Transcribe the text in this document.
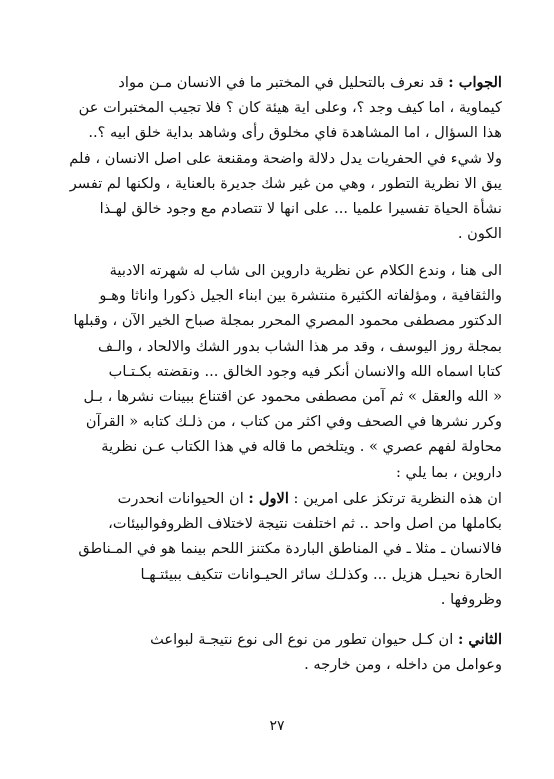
الجواب : قد نعرف بالتحليل في المختبر ما في الانسان مـن مواد
كيماوية ، اما كيف وجد ؟، وعلى اية هيئة كان ؟ فلا تجيب المختبرات عن
هذا السؤال ، اما المشاهدة فاي مخلوق رأى وشاهد بداية خلق ابيه ؟..
ولا شيء في الحفريات يدل دلالة واضحة ومقنعة على اصل الانسان ، فلم
يبق الا نظرية التطور ، وهي من غير شك جديرة بالعناية ، ولكنها لم تفسر
نشأة الحياة تفسيرا علميا ... على انها لا تتصادم مع وجود خالق لهـذا
الكون .
الى هنا ، وندع الكلام عن نظرية داروين الى شاب له شهرته الادبية
والثقافية ، ومؤلفاته الكثيرة منتشرة بين ابناء الجيل ذكورا واناثا وهـو
الدكتور مصطفى محمود المصري المحرر بمجلة صباح الخير الآن ، وقبلها
بمجلة روز اليوسف ، وقد مر هذا الشاب بدور الشك والالحاد ، والـف
كتابا اسماه الله والانسان أنكر فيه وجود الخالق ... ونقضته بكـتـاب
« الله والعقل » ثم آمن مصطفى محمود عن اقتناع ببينات نشرها ، بـل
وكرر نشرها في الصحف وفي اكثر من كتاب ، من ذلـك كتابه « القرآن
محاولة لفهم عصري » . ويتلخص ما قاله في هذا الكتاب عـن نظرية
داروين ، بما يلي :
ان هذه النظرية ترتكز على امرين : الاول : ان الحيوانات انحدرت
بكاملها من اصل واحد .. ثم اختلفت نتيجة لاختلاف الظروفوالبيئات،
فالانسان ـ مثلا ـ في المناطق الباردة مكتنز اللحم بينما هو في المـناطق
الحارة نحيـل هزيل ... وكذلـك سائر الحيـوانات تتكيف ببيئتـهـا
وظروفها .
الثاني : ان كـل حيوان تطور من نوع الى نوع نتيجـة لبواعث
وعوامل من داخله ، ومن خارجه .
٢٧
